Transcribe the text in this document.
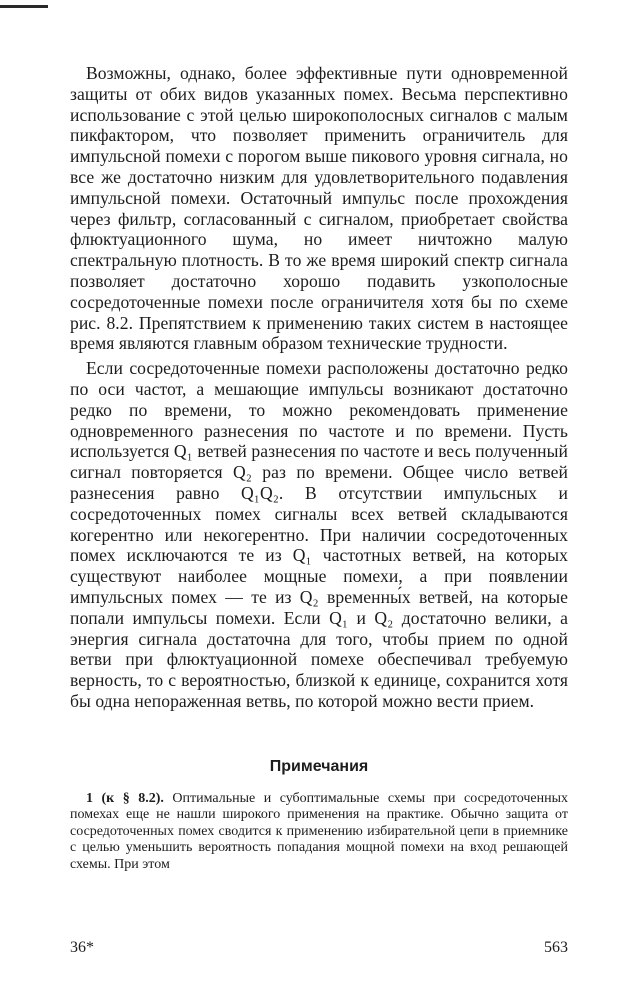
Возможны, однако, более эффективные пути одновременной защиты от обих видов указанных помех. Весьма перспективно использование с этой целью широкополосных сигналов с малым пикфактором, что позволяет применить ограничитель для импульсной помехи с порогом выше пикового уровня сигнала, но все же достаточно низким для удовлетворительного подавления импульсной помехи. Остаточный импульс после прохождения через фильтр, согласованный с сигналом, приобретает свойства флюктуационного шума, но имеет ничтожно малую спектральную плотность. В то же время широкий спектр сигнала позволяет достаточно хорошо подавить узкополосные сосредоточенные помехи после ограничителя хотя бы по схеме рис. 8.2. Препятствием к применению таких систем в настоящее время являются главным образом технические трудности.

Если сосредоточенные помехи расположены достаточно редко по оси частот, а мешающие импульсы возникают достаточно редко по времени, то можно рекомендовать применение одновременного разнесения по частоте и по времени. Пусть используется Q₁ ветвей разнесения по частоте и весь полученный сигнал повторяется Q₂ раз по времени. Общее число ветвей разнесения равно Q₁Q₂. В отсутствии импульсных и сосредоточенных помех сигналы всех ветвей складываются когерентно или некогерентно. При наличии сосредоточенных помех исключаются те из Q₁ частотных ветвей, на которых существуют наиболее мощные помехи, а при появлении импульсных помех — те из Q₂ временны́х ветвей, на которые попали импульсы помехи. Если Q₁ и Q₂ достаточно велики, а энергия сигнала достаточна для того, чтобы прием по одной ветви при флюктуационной помехе обеспечивал требуемую верность, то с вероятностью, близкой к единице, сохранится хотя бы одна непораженная ветвь, по которой можно вести прием.

Примечания

1 (к § 8.2). Оптимальные и субоптимальные схемы при сосредоточенных помехах еще не нашли широкого применения на практике. Обычно защита от сосредоточенных помех сводится к применению избирательной цепи в приемнике с целью уменьшить вероятность попадания мощной помехи на вход решающей схемы. При этом

36*	563
